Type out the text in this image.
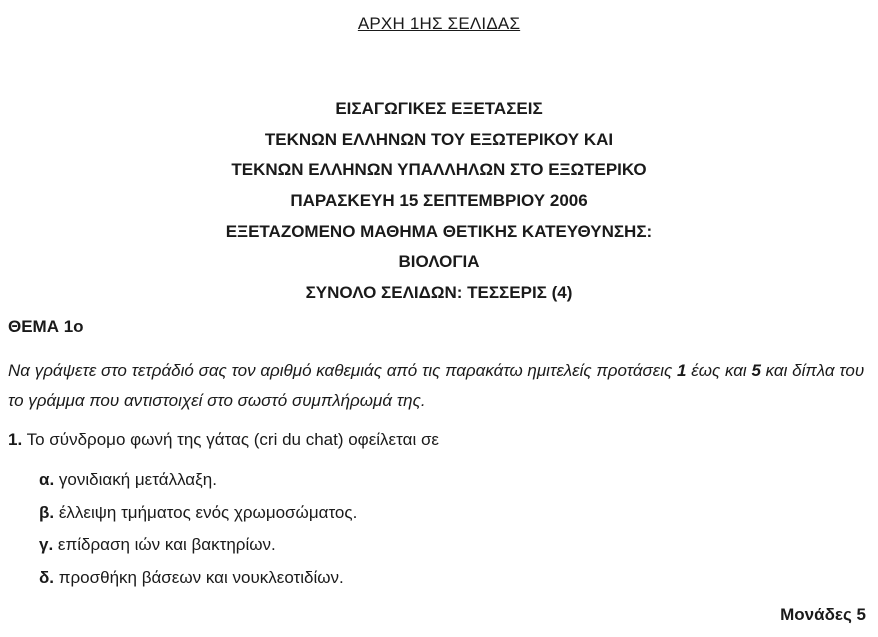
ΑΡΧΗ 1ΗΣ ΣΕΛΙΔΑΣ
ΕΙΣΑΓΩΓΙΚΕΣ ΕΞΕΤΑΣΕΙΣ
ΤΕΚΝΩΝ ΕΛΛΗΝΩΝ ΤΟΥ ΕΞΩΤΕΡΙΚΟΥ ΚΑΙ
ΤΕΚΝΩΝ ΕΛΛΗΝΩΝ ΥΠΑΛΛΗΛΩΝ ΣΤΟ ΕΞΩΤΕΡΙΚΟ
ΠΑΡΑΣΚΕΥΗ 15 ΣΕΠΤΕΜΒΡΙΟΥ 2006
ΕΞΕΤΑΖΟΜΕΝΟ ΜΑΘΗΜΑ ΘΕΤΙΚΗΣ ΚΑΤΕΥΘΥΝΣΗΣ:
ΒΙΟΛΟΓΙΑ
ΣΥΝΟΛΟ ΣΕΛΙΔΩΝ: ΤΕΣΣΕΡΙΣ (4)
ΘΕΜΑ 1ο
Να γράψετε στο τετράδιό σας τον αριθμό καθεμιάς από τις παρακάτω ημιτελείς προτάσεις 1 έως και 5 και δίπλα του το γράμμα που αντιστοιχεί στο σωστό συμπλήρωμά της.
1. Το σύνδρομο φωνή της γάτας (cri du chat) οφείλεται σε
α. γονιδιακή μετάλλαξη.
β. έλλειψη τμήματος ενός χρωμοσώματος.
γ. επίδραση ιών και βακτηρίων.
δ. προσθήκη βάσεων και νουκλεοτιδίων.
Μονάδες 5
